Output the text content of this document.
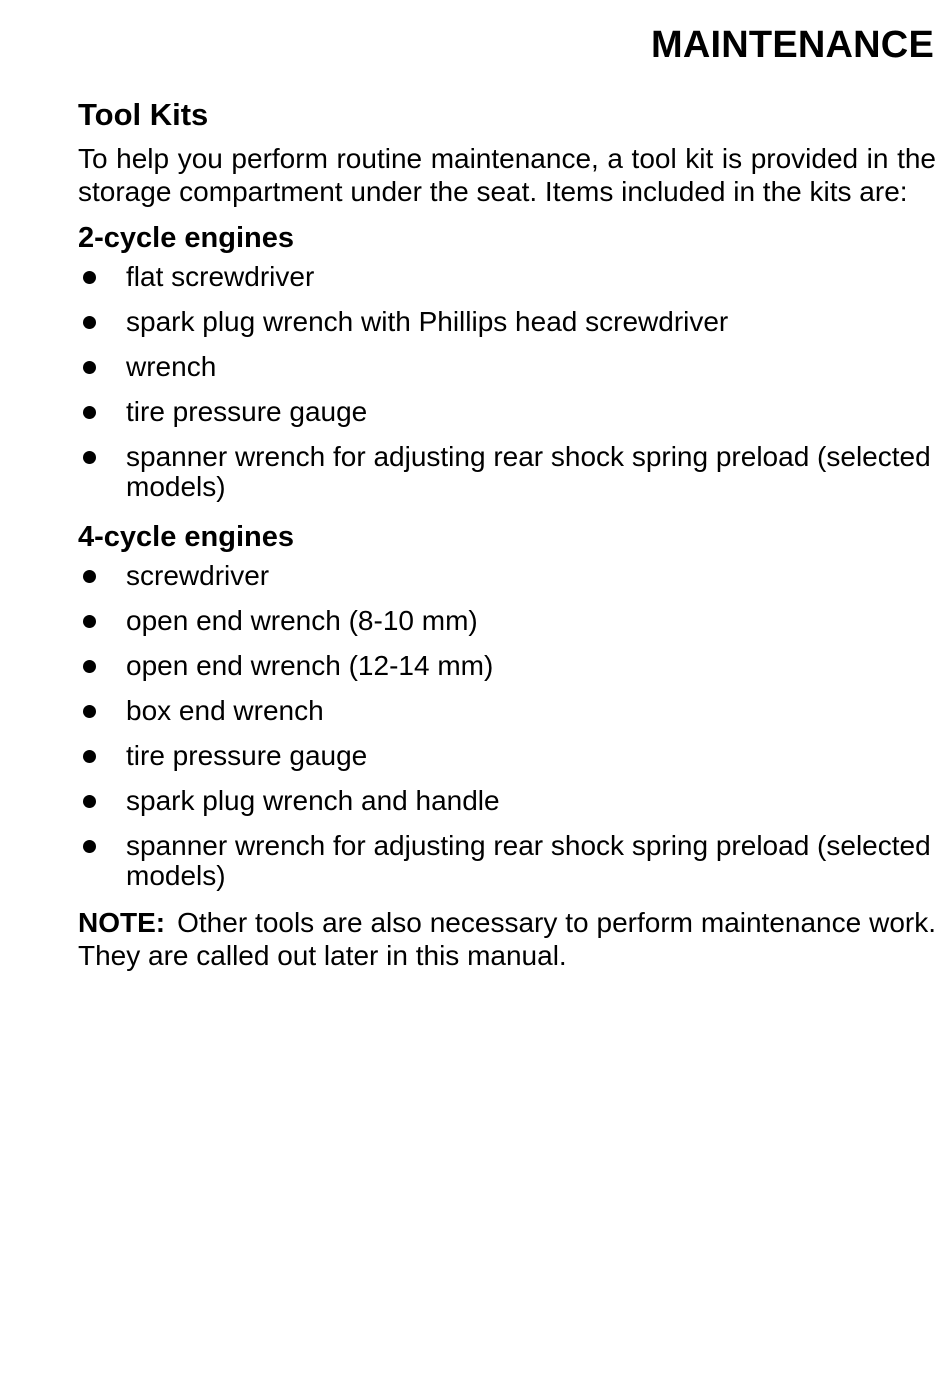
MAINTENANCE
Tool Kits

To help you perform routine maintenance, a tool kit is provided in the storage compartment under the seat. Items included in the kits are:

2-cycle engines
flat screwdriver
spark plug wrench with Phillips head screwdriver
wrench
tire pressure gauge
spanner wrench for adjusting rear shock spring preload (selected models)
4-cycle engines
screwdriver
open end wrench (8-10 mm)
open end wrench (12-14 mm)
box end wrench
tire pressure gauge
spark plug wrench and handle
spanner wrench for adjusting rear shock spring preload (selected models)

NOTE: Other tools are also necessary to perform maintenance work. They are called out later in this manual.
